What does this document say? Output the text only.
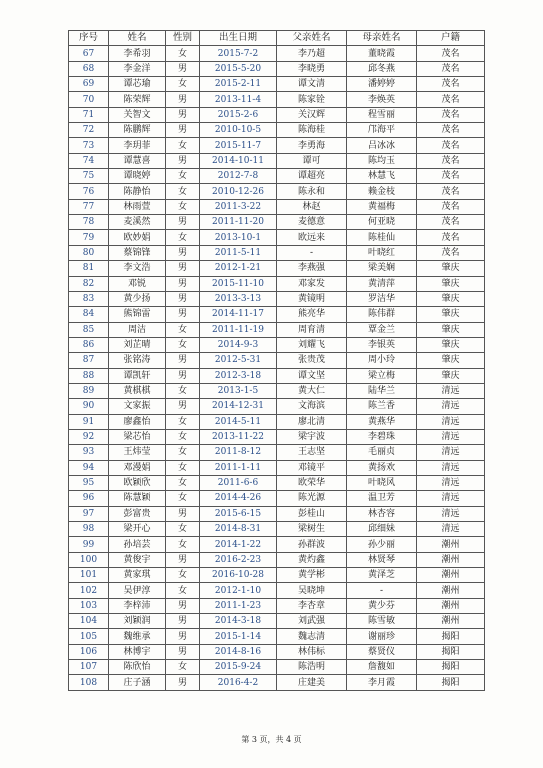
序号	姓名	性别	出生日期	父亲姓名	母亲姓名	户籍
67	李希羽	女	2015-7-2	李乃超	董晓霞	茂名
68	李金洋	男	2015-5-20	李晓勇	邱冬燕	茂名
69	谭芯瑜	女	2015-2-11	谭文清	潘婷婷	茂名
70	陈荣辉	男	2013-11-4	陈家铨	李焕英	茂名
71	关智文	男	2015-2-6	关汉辉	程雪丽	茂名
72	陈鹏辉	男	2010-10-5	陈海桂	邝海平	茂名
73	李玥菲	女	2015-11-7	李勇海	吕冰冰	茂名
74	谭慧喜	男	2014-10-11	谭可	陈均玉	茂名
75	谭晓婷	女	2012-7-8	谭超亮	林慧飞	茂名
76	陈静怡	女	2010-12-26	陈永和	赖金枝	茂名
77	林雨萱	女	2011-3-22	林赵	黄福梅	茂名
78	麦溪然	男	2011-11-20	麦德意	何亚晓	茂名
79	欧妙娟	女	2013-10-1	欧远来	陈桂仙	茂名
80	蔡锦锋	男	2011-5-11	-	叶晓红	茂名
81	李文浩	男	2012-1-21	李燕强	梁美娴	肇庆
82	邓锐	男	2015-11-10	邓家发	黄清萍	肇庆
83	黄少扬	男	2013-3-13	黄镜明	罗洁华	肇庆
84	熊锦雷	男	2014-11-17	熊亮华	陈伟群	肇庆
85	周洁	女	2011-11-19	周育清	覃金兰	肇庆
86	刘芷晴	女	2014-9-3	刘耀飞	李银英	肇庆
87	张铭涛	男	2012-5-31	张贵茂	周小玲	肇庆
88	谭凯轩	男	2012-3-18	谭文坚	梁立梅	肇庆
89	黄棋棋	女	2013-1-5	黄大仁	陆华兰	清远
90	文家振	男	2014-12-31	文海滨	陈兰香	清远
91	廖鑫怡	女	2014-5-11	廖北清	黄燕华	清远
92	梁芯怡	女	2013-11-22	梁宇波	李碧珠	清远
93	王炜莹	女	2011-8-12	王志坚	毛丽贞	清远
94	邓漫娟	女	2011-1-11	邓镜平	黄扬欢	清远
95	欧颖欣	女	2011-6-6	欧荣华	叶晓风	清远
96	陈慧颖	女	2014-4-26	陈光源	温卫芳	清远
97	彭富贵	男	2015-6-15	彭桂山	林杏容	清远
98	梁开心	女	2014-8-31	梁树生	邱细妹	清远
99	孙培芸	女	2014-1-22	孙群波	孙少丽	潮州
100	黄俊宇	男	2016-2-23	黄灼鑫	林贤琴	潮州
101	黄家琪	女	2016-10-28	黄学彬	黄泽芝	潮州
102	吴伊淳	女	2012-1-10	吴晓坤	-	潮州
103	李梓沛	男	2011-1-23	李杏章	黄少芬	潮州
104	刘颖润	男	2014-3-18	刘武强	陈雪敏	潮州
105	魏维承	男	2015-1-14	魏志清	谢丽珍	揭阳
106	林博宇	男	2014-8-16	林伟标	蔡贤仪	揭阳
107	陈欣怡	女	2015-9-24	陈浩明	詹馥如	揭阳
108	庄子涵	男	2016-4-2	庄建美	李月霞	揭阳
第 3 页，共 4 页
